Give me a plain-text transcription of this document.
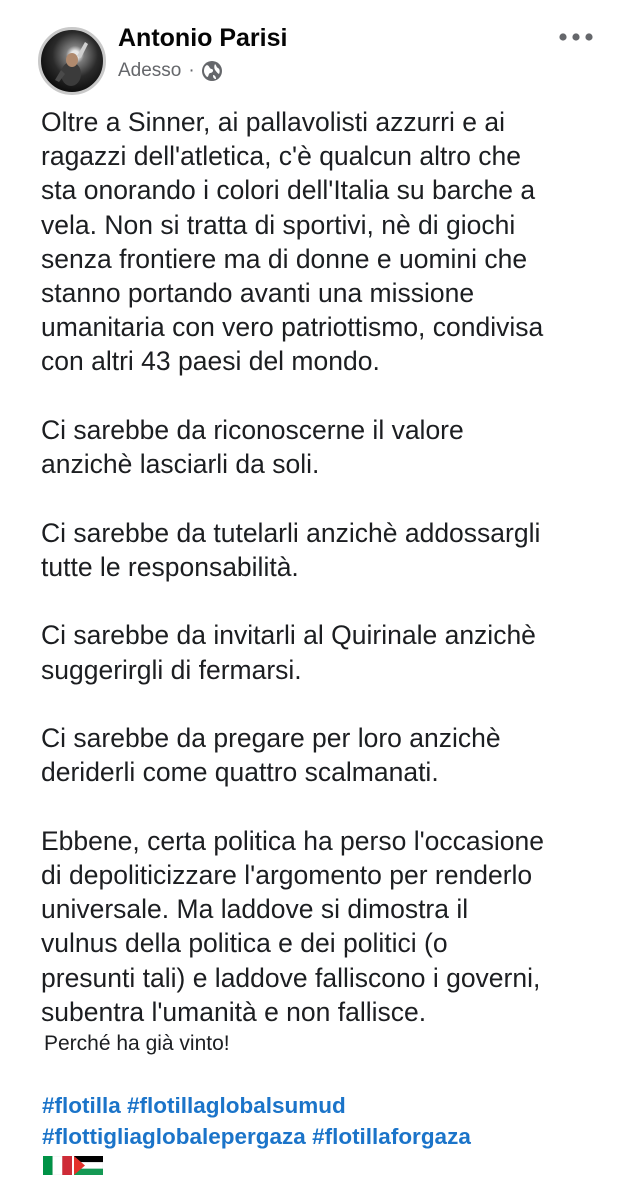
Antonio Parisi
Adesso ·

Oltre a Sinner, ai pallavolisti azzurri e ai
ragazzi dell'atletica, c'è qualcun altro che
sta onorando i colori dell'Italia su barche a
vela. Non si tratta di sportivi, nè di giochi
senza frontiere ma di donne e uomini che
stanno portando avanti una missione
umanitaria con vero patriottismo, condivisa
con altri 43 paesi del mondo.

Ci sarebbe da riconoscerne il valore
anzichè lasciarli da soli.

Ci sarebbe da tutelarli anzichè addossargli
tutte le responsabilità.

Ci sarebbe da invitarli al Quirinale anzichè
suggerirgli di fermarsi.

Ci sarebbe da pregare per loro anzichè
deriderli come quattro scalmanati.

Ebbene, certa politica ha perso l'occasione
di depoliticizzare l'argomento per renderlo
universale. Ma laddove si dimostra il
vulnus della politica e dei politici (o
presunti tali) e laddove falliscono i governi,
subentra l'umanità e non fallisce.

Perché ha già vinto!
#flotilla #flotillaglobalsumud
#flottigliaglobalepergaza #flotillaforgaza
